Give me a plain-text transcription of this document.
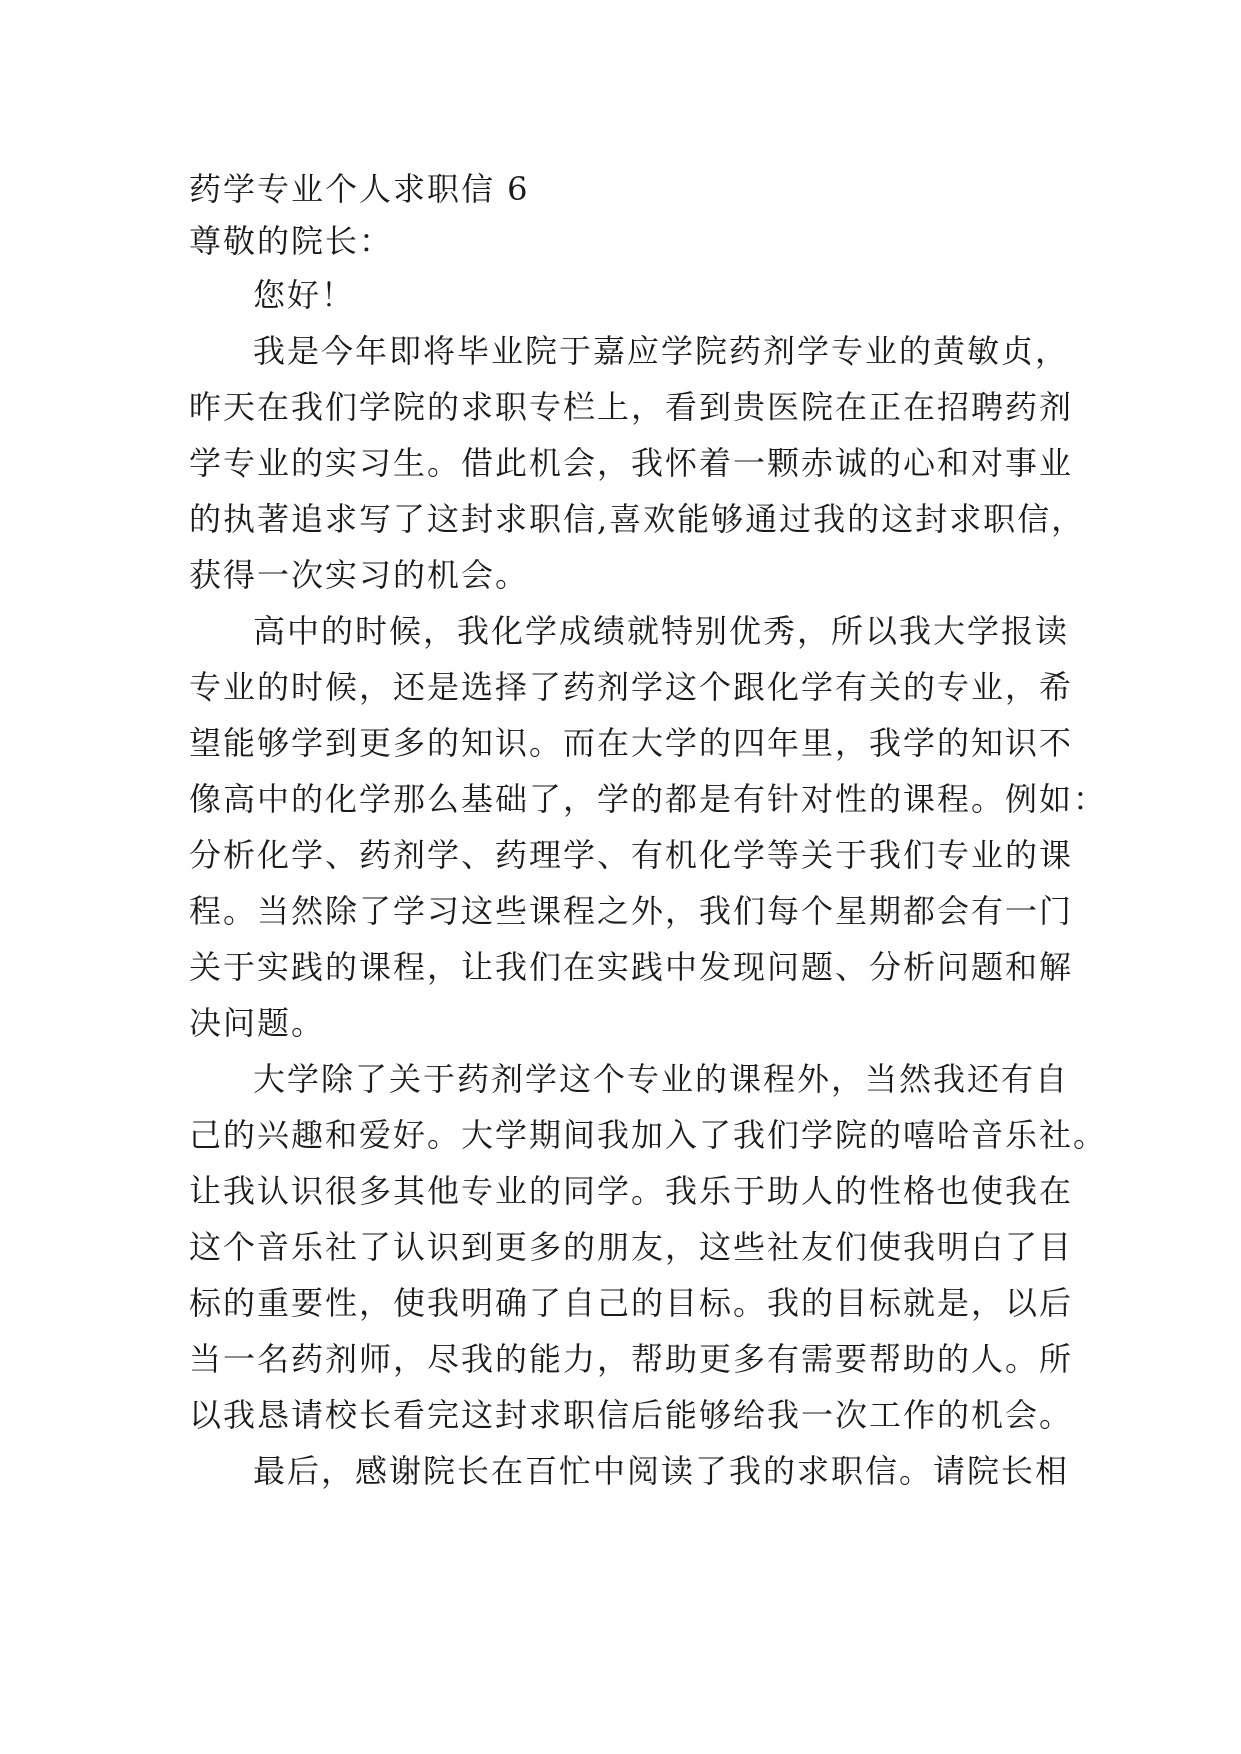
药学专业个人求职信 6
尊敬的院长：
您好！
我是今年即将毕业院于嘉应学院药剂学专业的黄敏贞，
昨天在我们学院的求职专栏上，看到贵医院在正在招聘药剂
学专业的实习生。借此机会，我怀着一颗赤诚的心和对事业
的执著追求写了这封求职信,喜欢能够通过我的这封求职信，
获得一次实习的机会。
高中的时候，我化学成绩就特别优秀，所以我大学报读
专业的时候，还是选择了药剂学这个跟化学有关的专业，希
望能够学到更多的知识。而在大学的四年里，我学的知识不
像高中的化学那么基础了，学的都是有针对性的课程。例如：
分析化学、药剂学、药理学、有机化学等关于我们专业的课
程。当然除了学习这些课程之外，我们每个星期都会有一门
关于实践的课程，让我们在实践中发现问题、分析问题和解
决问题。
大学除了关于药剂学这个专业的课程外，当然我还有自
己的兴趣和爱好。大学期间我加入了我们学院的嘻哈音乐社。
让我认识很多其他专业的同学。我乐于助人的性格也使我在
这个音乐社了认识到更多的朋友，这些社友们使我明白了目
标的重要性，使我明确了自己的目标。我的目标就是，以后
当一名药剂师，尽我的能力，帮助更多有需要帮助的人。所
以我恳请校长看完这封求职信后能够给我一次工作的机会。
最后，感谢院长在百忙中阅读了我的求职信。请院长相
